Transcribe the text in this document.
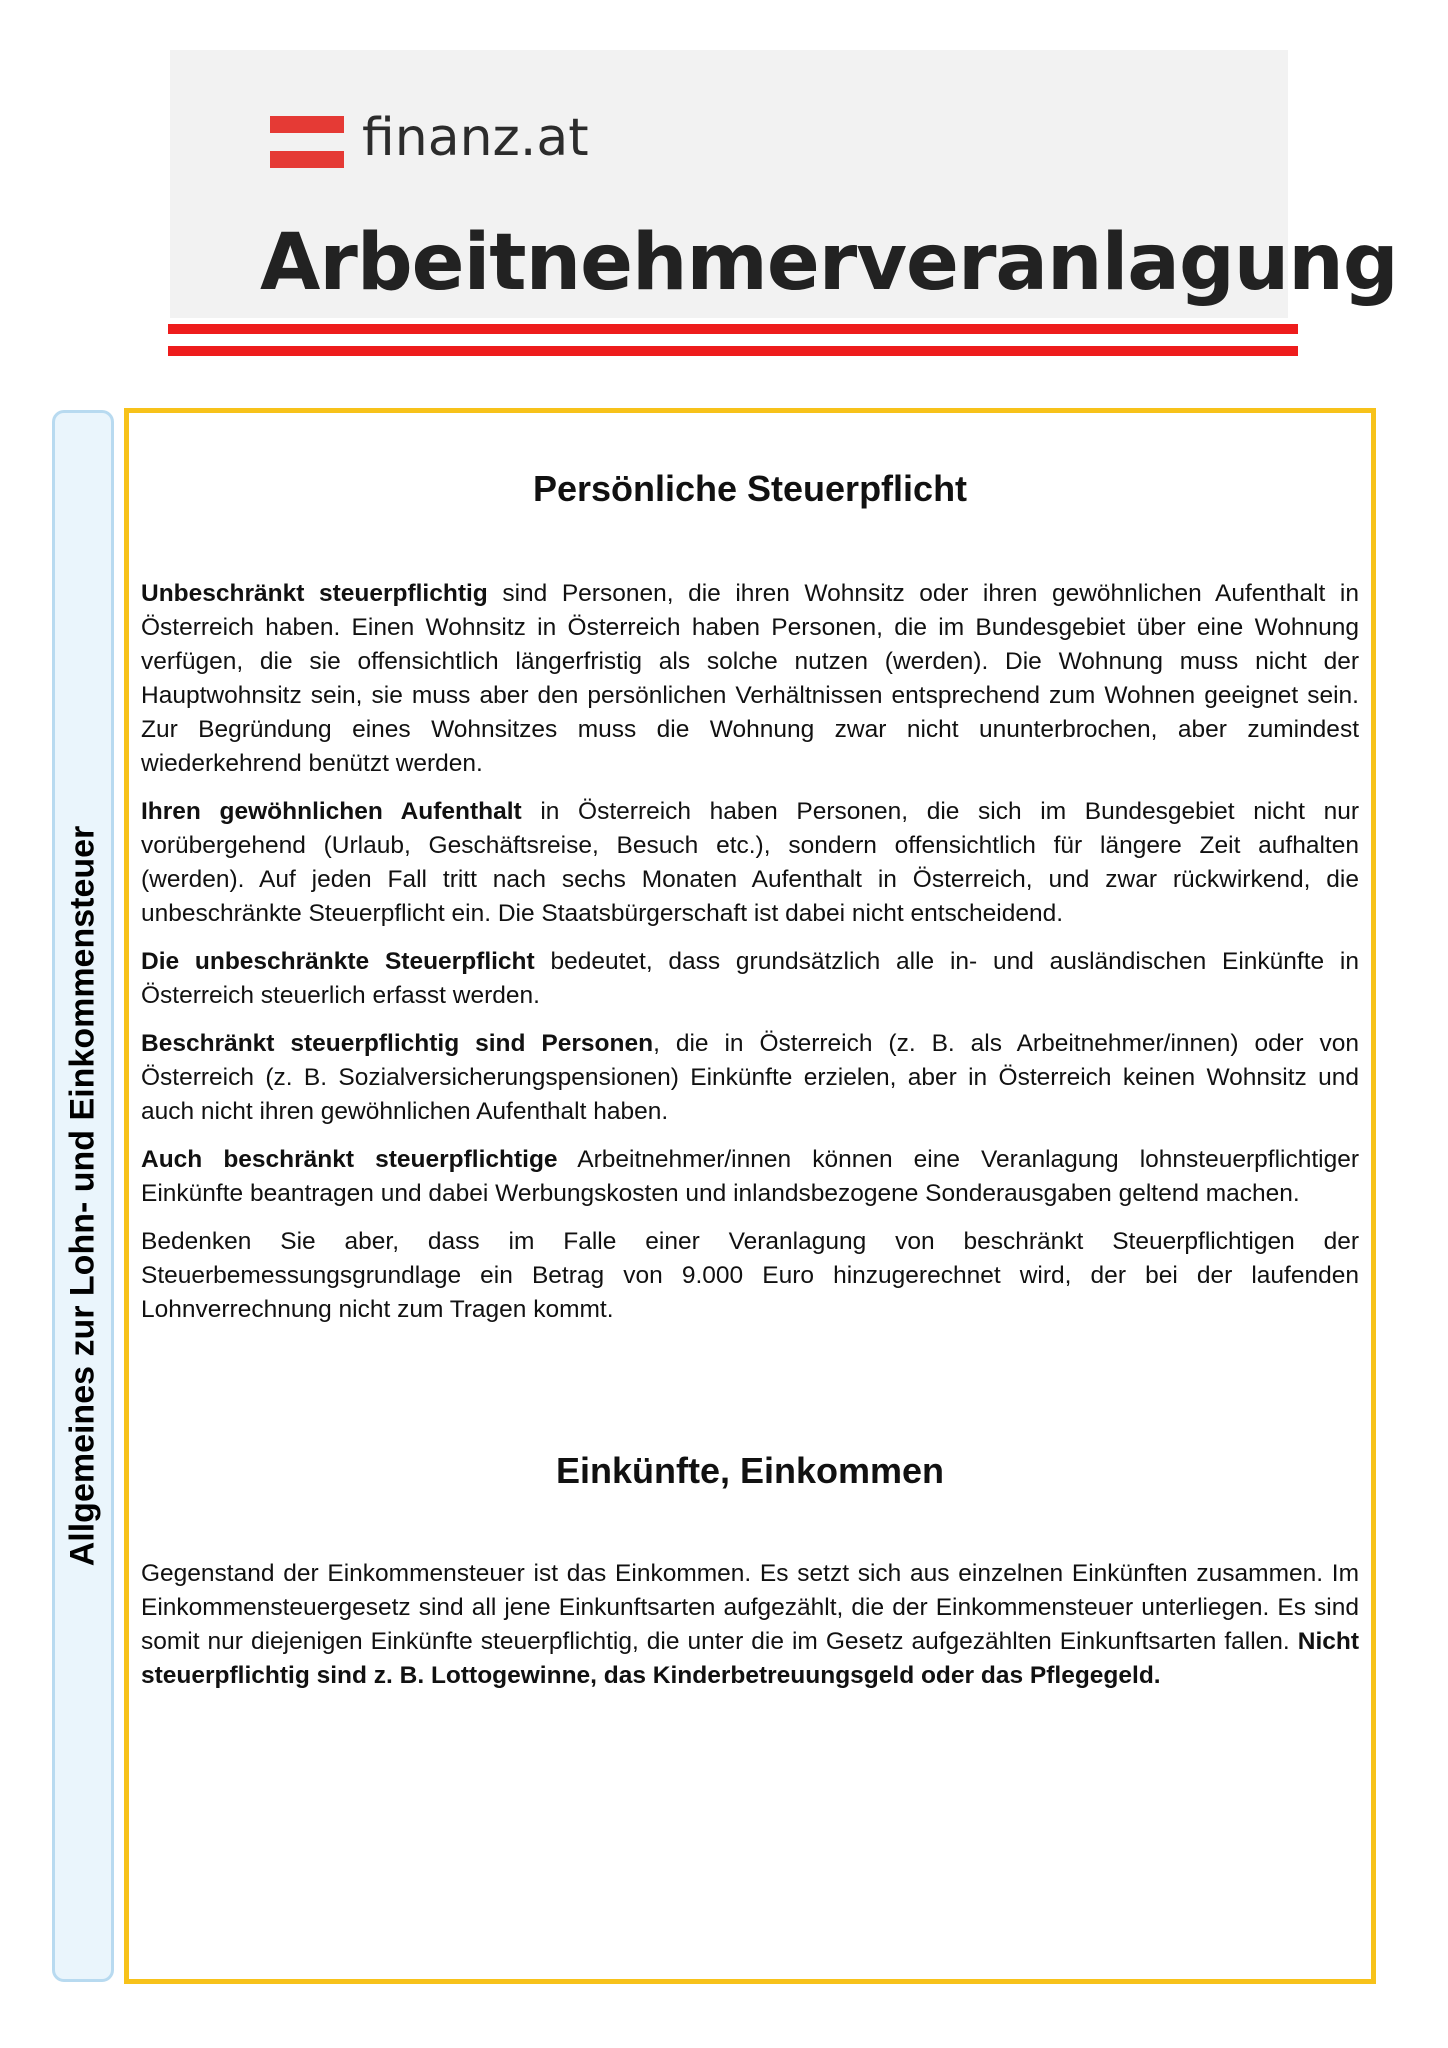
finanz.at
Arbeitnehmerveranlagung
Allgemeines zur Lohn- und Einkommensteuer
Persönliche Steuerpflicht

Unbeschränkt steuerpflichtig sind Personen, die ihren Wohnsitz oder ihren gewöhnlichen Aufenthalt in Österreich haben. Einen Wohnsitz in Österreich haben Personen, die im Bundesgebiet über eine Wohnung verfügen, die sie offensichtlich längerfristig als solche nutzen (werden). Die Wohnung muss nicht der Hauptwohnsitz sein, sie muss aber den persönlichen Verhältnissen entsprechend zum Wohnen geeignet sein. Zur Begründung eines Wohnsitzes muss die Wohnung zwar nicht ununterbrochen, aber zumindest wiederkehrend benützt werden.

Ihren gewöhnlichen Aufenthalt in Österreich haben Personen, die sich im Bundesgebiet nicht nur vorübergehend (Urlaub, Geschäftsreise, Besuch etc.), sondern offensichtlich für längere Zeit aufhalten (werden). Auf jeden Fall tritt nach sechs Monaten Aufenthalt in Österreich, und zwar rückwirkend, die unbeschränkte Steuerpflicht ein. Die Staatsbürgerschaft ist dabei nicht entscheidend.

Die unbeschränkte Steuerpflicht bedeutet, dass grundsätzlich alle in- und ausländischen Einkünfte in Österreich steuerlich erfasst werden.

Beschränkt steuerpflichtig sind Personen, die in Österreich (z. B. als Arbeitnehmer/innen) oder von Österreich (z. B. Sozialversicherungspensionen) Einkünfte erzielen, aber in Österreich keinen Wohnsitz und auch nicht ihren gewöhnlichen Aufenthalt haben.

Auch beschränkt steuerpflichtige Arbeitnehmer/innen können eine Veranlagung lohnsteuerpflichtiger Einkünfte beantragen und dabei Werbungskosten und inlandsbezogene Sonderausgaben geltend machen.

Bedenken Sie aber, dass im Falle einer Veranlagung von beschränkt Steuerpflichtigen der Steuerbemessungsgrundlage ein Betrag von 9.000 Euro hinzugerechnet wird, der bei der laufenden Lohnverrechnung nicht zum Tragen kommt.

Einkünfte, Einkommen

Gegenstand der Einkommensteuer ist das Einkommen. Es setzt sich aus einzelnen Einkünften zusammen. Im Einkommensteuergesetz sind all jene Einkunftsarten aufgezählt, die der Einkommensteuer unterliegen. Es sind somit nur diejenigen Einkünfte steuerpflichtig, die unter die im Gesetz aufgezählten Einkunftsarten fallen. Nicht steuerpflichtig sind z. B. Lottogewinne, das Kinderbetreuungsgeld oder das Pflegegeld.
